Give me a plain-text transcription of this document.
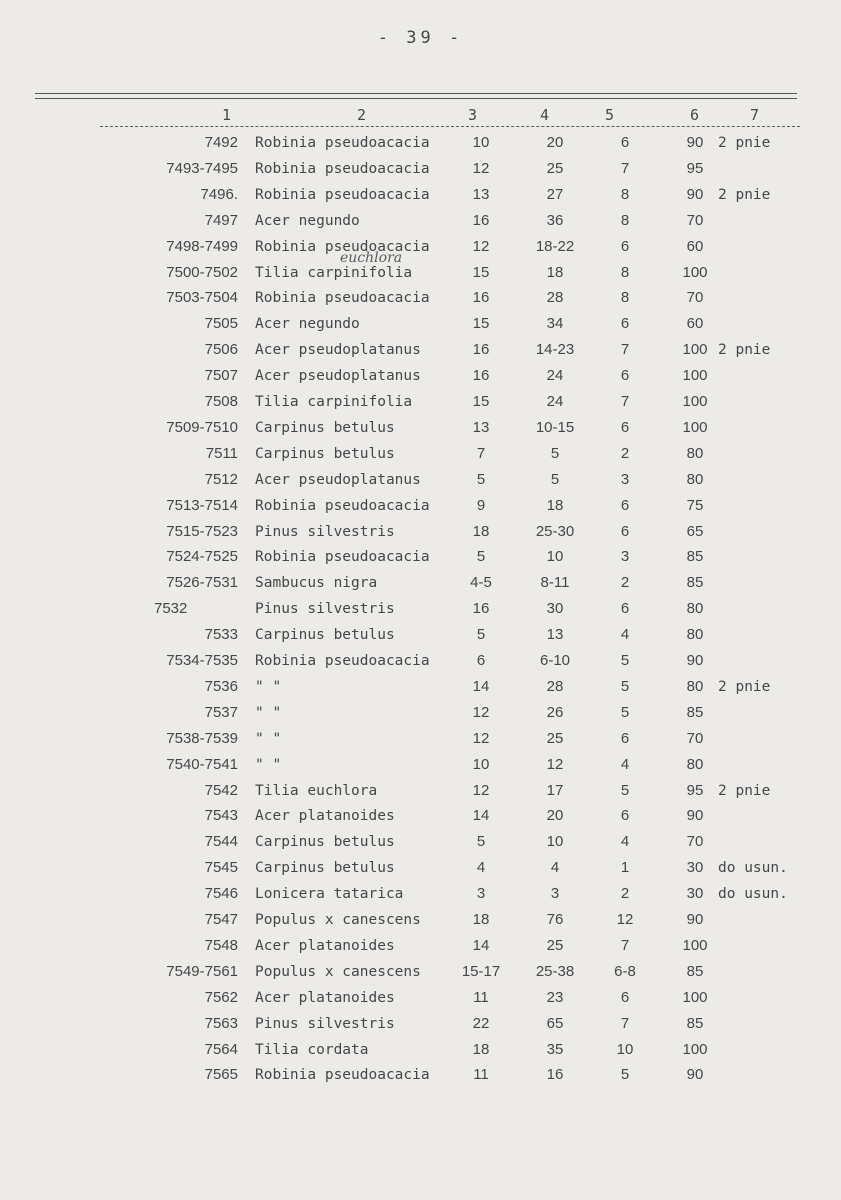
- 39 -
1	2	3	4	5	6	7
euchlora
7492 Robinia pseudoacacia	10	20	6	90	2 pnie
7493-7495 Robinia pseudoacacia	12	25	7	95
7496. Robinia pseudoacacia	13	27	8	90	2 pnie
7497 Acer negundo	16	36	8	70
7498-7499 Robinia pseudoacacia	12	18-22	6	60
7500-7502 Tilia carpinifolia	15	18	8	100
7503-7504 Robinia pseudoacacia	16	28	8	70
7505 Acer negundo	15	34	6	60
7506 Acer pseudoplatanus	16	14-23	7	100 2 pnie
7507 Acer pseudoplatanus	16	24	6	100
7508 Tilia carpinifolia	15	24	7	100
7509-7510 Carpinus betulus	13	10-15	6	100
7511 Carpinus betulus	7	5	2	80
7512 Acer pseudoplatanus	5	5	3	80
7513-7514 Robinia pseudoacacia	9	18	6	75
7515-7523 Pinus silvestris	18	25-30	6	65
7524-7525 Robinia pseudoacacia	5	10	3	85
7526-7531 Sambucus nigra	4-5	8-11	2	85
7532	Pinus silvestris	16	30	6	80
7533 Carpinus betulus	5	13	4	80
7534-7535 Robinia pseudoacacia	6	6-10	5	90
7536 " "	14	28	5	80	2 pnie
7537 " "	12	26	5	85
7538-7539 " "	12	25	6	70
7540-7541 " "	10	12	4	80
7542 Tilia euchlora	12	17	5	95	2 pnie
7543 Acer platanoides	14	20	6	90
7544 Carpinus betulus	5	10	4	70
7545 Carpinus betulus	4	4	1	30	do usun.
7546 Lonicera tatarica	3	3	2	30	do usun.
7547 Populus x canescens	18	76	12	90
7548 Acer platanoides	14	25	7	100
7549-7561 Populus x canescens	15-17	25-38	6-8	85
7562 Acer platanoides	11	23	6	100
7563 Pinus silvestris	22	65	7	85
7564 Tilia cordata	18	35	10	100
7565 Robinia pseudoacacia	11	16	5	90
